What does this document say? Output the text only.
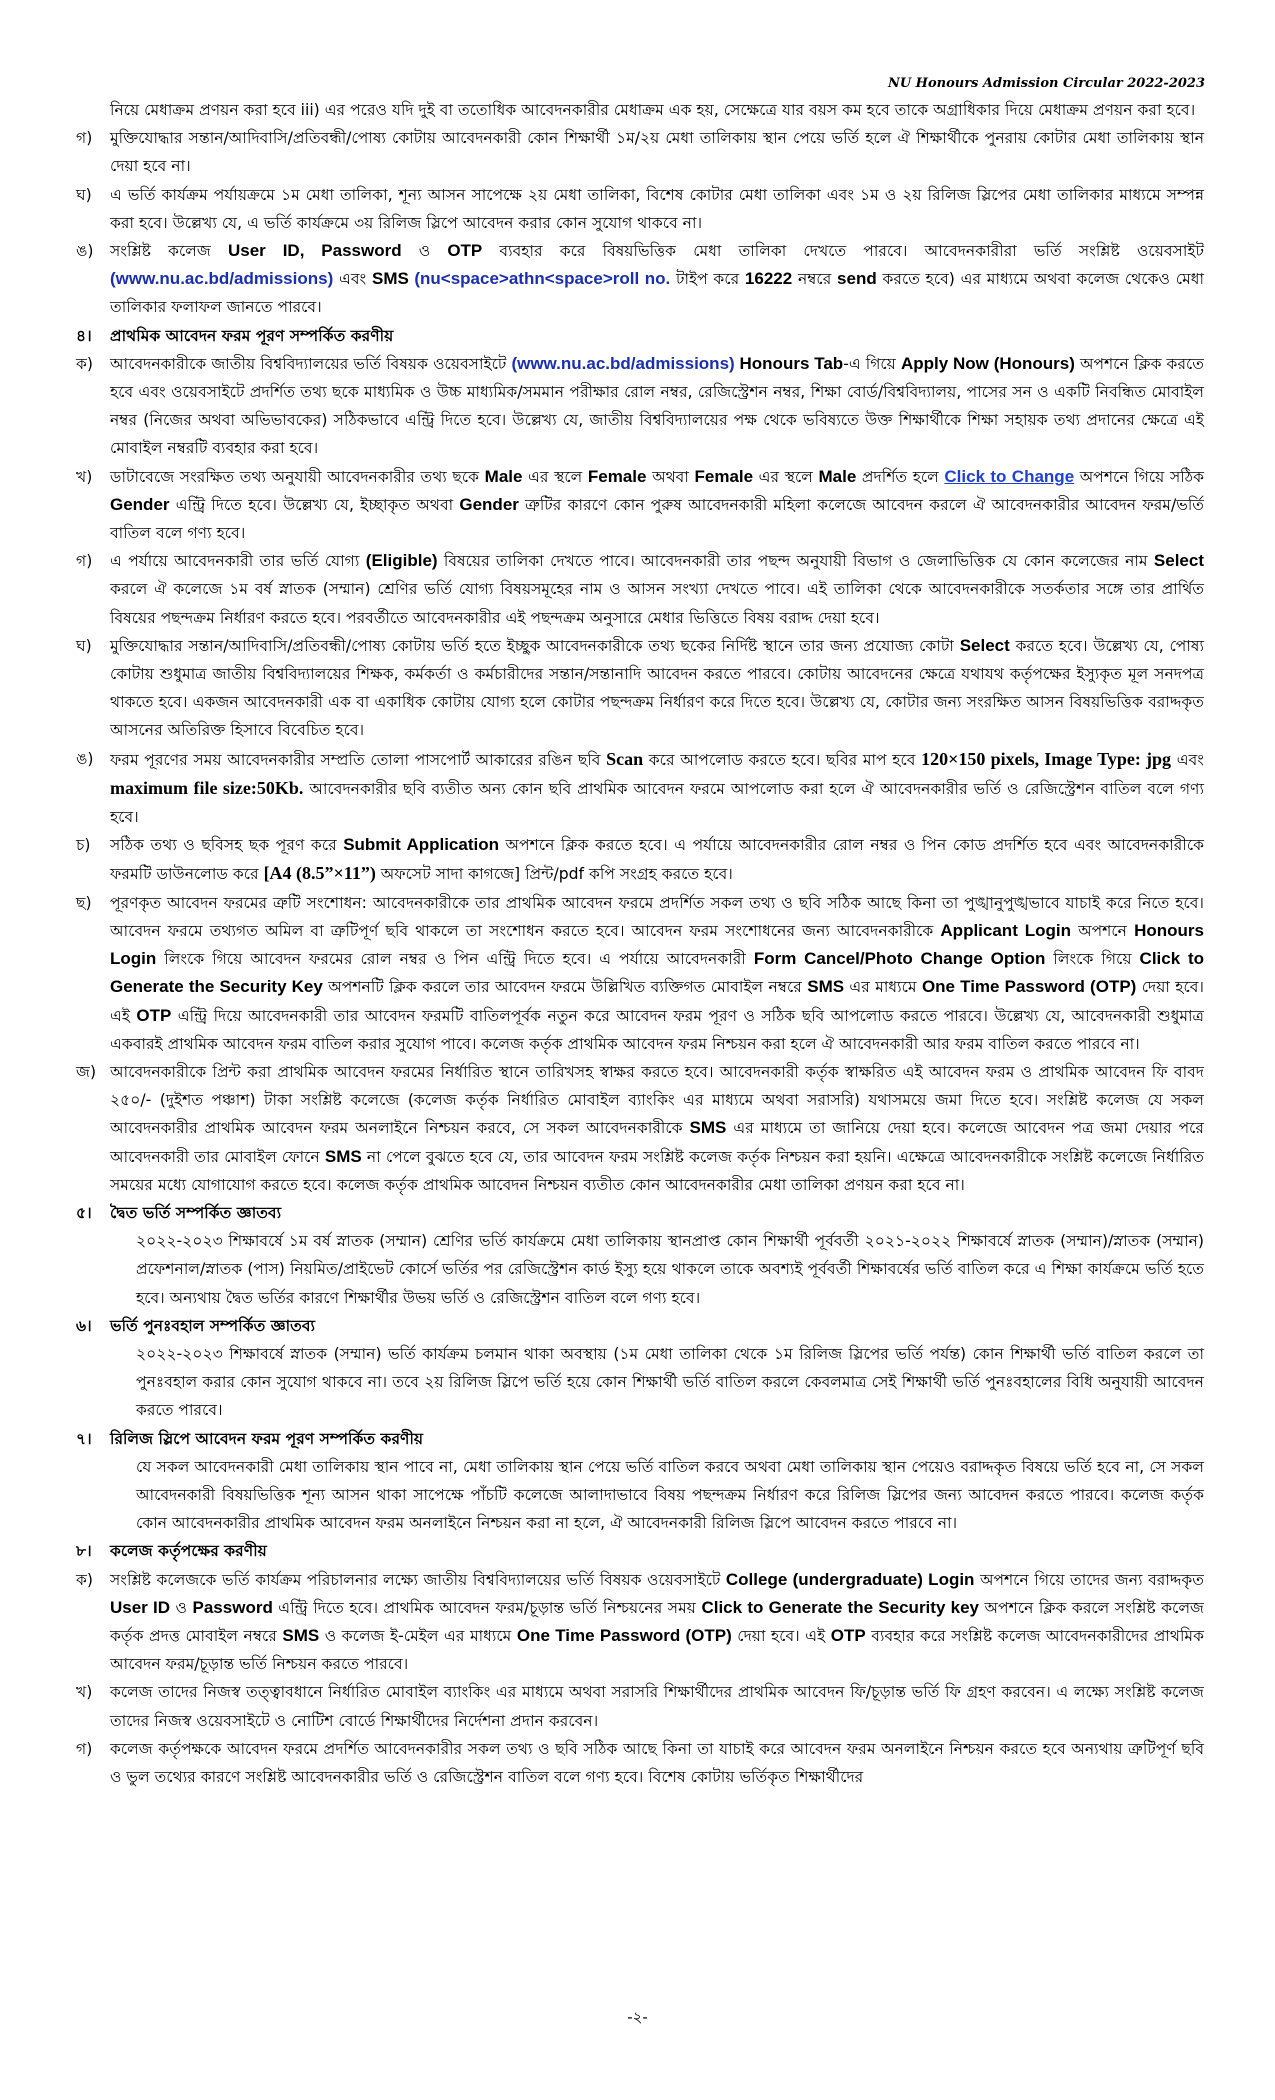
NU Honours Admission Circular 2022-2023
নিয়ে মেধাক্রম প্রণয়ন করা হবে iii) এর পরেও যদি দুই বা ততোধিক আবেদনকারীর মেধাক্রম এক হয়, সেক্ষেত্রে যার বয়স কম হবে তাকে অগ্রাধিকার দিয়ে মেধাক্রম প্রণয়ন করা হবে।
গ)	মুক্তিযোদ্ধার সন্তান/আদিবাসি/প্রতিবন্ধী/পোষ্য কোটায় আবেদনকারী কোন শিক্ষার্থী ১ম/২য় মেধা তালিকায় স্থান পেয়ে ভর্তি হলে ঐ শিক্ষার্থীকে পুনরায় কোটার মেধা তালিকায় স্থান দেয়া হবে না।
ঘ)	এ ভর্তি কার্যক্রম পর্যায়ক্রমে ১ম মেধা তালিকা, শূন্য আসন সাপেক্ষে ২য় মেধা তালিকা, বিশেষ কোটার মেধা তালিকা এবং ১ম ও ২য় রিলিজ স্লিপের মেধা তালিকার মাধ্যমে সম্পন্ন করা হবে। উল্লেখ্য যে, এ ভর্তি কার্যক্রমে ৩য় রিলিজ স্লিপে আবেদন করার কোন সুযোগ থাকবে না।
ঙ)	সংশ্লিষ্ট কলেজ User ID, Password ও OTP ব্যবহার করে বিষয়ভিত্তিক মেধা তালিকা দেখতে পারবে। আবেদনকারীরা ভর্তি সংশ্লিষ্ট ওয়েবসাইট (www.nu.ac.bd/admissions) এবং SMS (nu<space>athn<space>roll no. টাইপ করে 16222 নম্বরে send করতে হবে) এর মাধ্যমে অথবা কলেজ থেকেও মেধা তালিকার ফলাফল জানতে পারবে।
৪।	প্রাথমিক আবেদন ফরম পূরণ সম্পর্কিত করণীয়
ক)	আবেদনকারীকে জাতীয় বিশ্ববিদ্যালয়ের ভর্তি বিষয়ক ওয়েবসাইটে (www.nu.ac.bd/admissions) Honours Tab-এ গিয়ে Apply Now (Honours) অপশনে ক্লিক করতে হবে এবং ওয়েবসাইটে প্রদর্শিত তথ্য ছকে মাধ্যমিক ও উচ্চ মাধ্যমিক/সমমান পরীক্ষার রোল নম্বর, রেজিস্ট্রেশন নম্বর, শিক্ষা বোর্ড/বিশ্ববিদ্যালয়, পাসের সন ও একটি নিবন্ধিত মোবাইল নম্বর (নিজের অথবা অভিভাবকের) সঠিকভাবে এন্ট্রি দিতে হবে। উল্লেখ্য যে, জাতীয় বিশ্ববিদ্যালয়ের পক্ষ থেকে ভবিষ্যতে উক্ত শিক্ষার্থীকে শিক্ষা সহায়ক তথ্য প্রদানের ক্ষেত্রে এই মোবাইল নম্বরটি ব্যবহার করা হবে।
খ)	ডাটাবেজে সংরক্ষিত তথ্য অনুযায়ী আবেদনকারীর তথ্য ছকে Male এর স্থলে Female অথবা Female এর স্থলে Male প্রদর্শিত হলে Click to Change অপশনে গিয়ে সঠিক Gender এন্ট্রি দিতে হবে। উল্লেখ্য যে, ইচ্ছাকৃত অথবা Gender ত্রুটির কারণে কোন পুরুষ আবেদনকারী মহিলা কলেজে আবেদন করলে ঐ আবেদনকারীর আবেদন ফরম/ভর্তি বাতিল বলে গণ্য হবে।
গ)	এ পর্যায়ে আবেদনকারী তার ভর্তি যোগ্য (Eligible) বিষয়ের তালিকা দেখতে পাবে। আবেদনকারী তার পছন্দ অনুযায়ী বিভাগ ও জেলাভিত্তিক যে কোন কলেজের নাম Select করলে ঐ কলেজে ১ম বর্ষ স্নাতক (সম্মান) শ্রেণির ভর্তি যোগ্য বিষয়সমূহের নাম ও আসন সংখ্যা দেখতে পাবে। এই তালিকা থেকে আবেদনকারীকে সতর্কতার সঙ্গে তার প্রার্থিত বিষয়ের পছন্দক্রম নির্ধারণ করতে হবে। পরবর্তীতে আবেদনকারীর এই পছন্দক্রম অনুসারে মেধার ভিত্তিতে বিষয় বরাদ্দ দেয়া হবে।
ঘ)	মুক্তিযোদ্ধার সন্তান/আদিবাসি/প্রতিবন্ধী/পোষ্য কোটায় ভর্তি হতে ইচ্ছুক আবেদনকারীকে তথ্য ছকের নির্দিষ্ট স্থানে তার জন্য প্রযোজ্য কোটা Select করতে হবে। উল্লেখ্য যে, পোষ্য কোটায় শুধুমাত্র জাতীয় বিশ্ববিদ্যালয়ের শিক্ষক, কর্মকর্তা ও কর্মচারীদের সন্তান/সন্তানাদি আবেদন করতে পারবে। কোটায় আবেদনের ক্ষেত্রে যথাযথ কর্তৃপক্ষের ইস্যুকৃত মূল সনদপত্র থাকতে হবে। একজন আবেদনকারী এক বা একাধিক কোটায় যোগ্য হলে কোটার পছন্দক্রম নির্ধারণ করে দিতে হবে। উল্লেখ্য যে, কোটার জন্য সংরক্ষিত আসন বিষয়ভিত্তিক বরাদ্দকৃত আসনের অতিরিক্ত হিসাবে বিবেচিত হবে।
ঙ)	ফরম পূরণের সময় আবেদনকারীর সম্প্রতি তোলা পাসপোর্ট আকারের রঙিন ছবি Scan করে আপলোড করতে হবে। ছবির মাপ হবে 120×150 pixels, Image Type: jpg এবং maximum file size:50Kb. আবেদনকারীর ছবি ব্যতীত অন্য কোন ছবি প্রাথমিক আবেদন ফরমে আপলোড করা হলে ঐ আবেদনকারীর ভর্তি ও রেজিস্ট্রেশন বাতিল বলে গণ্য হবে।
চ)	সঠিক তথ্য ও ছবিসহ ছক পূরণ করে Submit Application অপশনে ক্লিক করতে হবে। এ পর্যায়ে আবেদনকারীর রোল নম্বর ও পিন কোড প্রদর্শিত হবে এবং আবেদনকারীকে ফরমটি ডাউনলোড করে [A4 (8.5”×11”) অফসেট সাদা কাগজে] প্রিন্ট/pdf কপি সংগ্রহ করতে হবে।
ছ)	পূরণকৃত আবেদন ফরমের ত্রুটি সংশোধন: আবেদনকারীকে তার প্রাথমিক আবেদন ফরমে প্রদর্শিত সকল তথ্য ও ছবি সঠিক আছে কিনা তা পুঙ্খানুপুঙ্খভাবে যাচাই করে নিতে হবে। আবেদন ফরমে তথ্যগত অমিল বা ত্রুটিপূর্ণ ছবি থাকলে তা সংশোধন করতে হবে। আবেদন ফরম সংশোধনের জন্য আবেদনকারীকে Applicant Login অপশনে Honours Login লিংকে গিয়ে আবেদন ফরমের রোল নম্বর ও পিন এন্ট্রি দিতে হবে। এ পর্যায়ে আবেদনকারী Form Cancel/Photo Change Option লিংকে গিয়ে Click to Generate the Security Key অপশনটি ক্লিক করলে তার আবেদন ফরমে উল্লিখিত ব্যক্তিগত মোবাইল নম্বরে SMS এর মাধ্যমে One Time Password (OTP) দেয়া হবে। এই OTP এন্ট্রি দিয়ে আবেদনকারী তার আবেদন ফরমটি বাতিলপূর্বক নতুন করে আবেদন ফরম পূরণ ও সঠিক ছবি আপলোড করতে পারবে। উল্লেখ্য যে, আবেদনকারী শুধুমাত্র একবারই প্রাথমিক আবেদন ফরম বাতিল করার সুযোগ পাবে। কলেজ কর্তৃক প্রাথমিক আবেদন ফরম নিশ্চয়ন করা হলে ঐ আবেদনকারী আর ফরম বাতিল করতে পারবে না।
জ) আবেদনকারীকে প্রিন্ট করা প্রাথমিক আবেদন ফরমের নির্ধারিত স্থানে তারিখসহ স্বাক্ষর করতে হবে। আবেদনকারী কর্তৃক স্বাক্ষরিত এই আবেদন ফরম ও প্রাথমিক আবেদন ফি বাবদ ২৫০/- (দুইশত পঞ্চাশ) টাকা সংশ্লিষ্ট কলেজে (কলেজ কর্তৃক নির্ধারিত মোবাইল ব্যাংকিং এর মাধ্যমে অথবা সরাসরি) যথাসময়ে জমা দিতে হবে। সংশ্লিষ্ট কলেজ যে সকল আবেদনকারীর প্রাথমিক আবেদন ফরম অনলাইনে নিশ্চয়ন করবে, সে সকল আবেদনকারীকে SMS এর মাধ্যমে তা জানিয়ে দেয়া হবে। কলেজে আবেদন পত্র জমা দেয়ার পরে আবেদনকারী তার মোবাইল ফোনে SMS না পেলে বুঝতে হবে যে, তার আবেদন ফরম সংশ্লিষ্ট কলেজ কর্তৃক নিশ্চয়ন করা হয়নি। এক্ষেত্রে আবেদনকারীকে সংশ্লিষ্ট কলেজে নির্ধারিত সময়ের মধ্যে যোগাযোগ করতে হবে। কলেজ কর্তৃক প্রাথমিক আবেদন নিশ্চয়ন ব্যতীত কোন আবেদনকারীর মেধা তালিকা প্রণয়ন করা হবে না।
৫।	দ্বৈত ভর্তি সম্পর্কিত জ্ঞাতব্য
২০২২-২০২৩ শিক্ষাবর্ষে ১ম বর্ষ স্নাতক (সম্মান) শ্রেণির ভর্তি কার্যক্রমে মেধা তালিকায় স্থানপ্রাপ্ত কোন শিক্ষার্থী পূর্ববর্তী ২০২১-২০২২ শিক্ষাবর্ষে স্নাতক (সম্মান)/স্নাতক (সম্মান) প্রফেশনাল/স্নাতক (পাস) নিয়মিত/প্রাইভেট কোর্সে ভর্তির পর রেজিস্ট্রেশন কার্ড ইস্যু হয়ে থাকলে তাকে অবশ্যই পূর্ববর্তী শিক্ষাবর্ষের ভর্তি বাতিল করে এ শিক্ষা কার্যক্রমে ভর্তি হতে হবে। অন্যথায় দ্বৈত ভর্তির কারণে শিক্ষার্থীর উভয় ভর্তি ও রেজিস্ট্রেশন বাতিল বলে গণ্য হবে।
৬।	ভর্তি পুনঃবহাল সম্পর্কিত জ্ঞাতব্য
২০২২-২০২৩ শিক্ষাবর্ষে স্নাতক (সম্মান) ভর্তি কার্যক্রম চলমান থাকা অবস্থায় (১ম মেধা তালিকা থেকে ১ম রিলিজ স্লিপের ভর্তি পর্যন্ত) কোন শিক্ষার্থী ভর্তি বাতিল করলে তা পুনঃবহাল করার কোন সুযোগ থাকবে না। তবে ২য় রিলিজ স্লিপে ভর্তি হয়ে কোন শিক্ষার্থী ভর্তি বাতিল করলে কেবলমাত্র সেই শিক্ষার্থী ভর্তি পুনঃবহালের বিধি অনুযায়ী আবেদন করতে পারবে।
৭।	রিলিজ স্লিপে আবেদন ফরম পূরণ সম্পর্কিত করণীয়
যে সকল আবেদনকারী মেধা তালিকায় স্থান পাবে না, মেধা তালিকায় স্থান পেয়ে ভর্তি বাতিল করবে অথবা মেধা তালিকায় স্থান পেয়েও বরাদ্দকৃত বিষয়ে ভর্তি হবে না, সে সকল আবেদনকারী বিষয়ভিত্তিক শূন্য আসন থাকা সাপেক্ষে পাঁচটি কলেজে আলাদাভাবে বিষয় পছন্দক্রম নির্ধারণ করে রিলিজ স্লিপের জন্য আবেদন করতে পারবে। কলেজ কর্তৃক কোন আবেদনকারীর প্রাথমিক আবেদন ফরম অনলাইনে নিশ্চয়ন করা না হলে, ঐ আবেদনকারী রিলিজ স্লিপে আবেদন করতে পারবে না।
৮।	কলেজ কর্তৃপক্ষের করণীয়
ক)	সংশ্লিষ্ট কলেজকে ভর্তি কার্যক্রম পরিচালনার লক্ষ্যে জাতীয় বিশ্ববিদ্যালয়ের ভর্তি বিষয়ক ওয়েবসাইটে College (undergraduate) Login অপশনে গিয়ে তাদের জন্য বরাদ্দকৃত User ID ও Password এন্ট্রি দিতে হবে। প্রাথমিক আবেদন ফরম/চূড়ান্ত ভর্তি নিশ্চয়নের সময় Click to Generate the Security key অপশনে ক্লিক করলে সংশ্লিষ্ট কলেজ কর্তৃক প্রদত্ত মোবাইল নম্বরে SMS ও কলেজ ই-মেইল এর মাধ্যমে One Time Password (OTP) দেয়া হবে। এই OTP ব্যবহার করে সংশ্লিষ্ট কলেজ আবেদনকারীদের প্রাথমিক আবেদন ফরম/চূড়ান্ত ভর্তি নিশ্চয়ন করতে পারবে।
খ)	কলেজ তাদের নিজস্ব তত্ত্বাবধানে নির্ধারিত মোবাইল ব্যাংকিং এর মাধ্যমে অথবা সরাসরি শিক্ষার্থীদের প্রাথমিক আবেদন ফি/চূড়ান্ত ভর্তি ফি গ্রহণ করবেন। এ লক্ষ্যে সংশ্লিষ্ট কলেজ তাদের নিজস্ব ওয়েবসাইটে ও নোটিশ বোর্ডে শিক্ষার্থীদের নির্দেশনা প্রদান করবেন।
গ)	কলেজ কর্তৃপক্ষকে আবেদন ফরমে প্রদর্শিত আবেদনকারীর সকল তথ্য ও ছবি সঠিক আছে কিনা তা যাচাই করে আবেদন ফরম অনলাইনে নিশ্চয়ন করতে হবে অন্যথায় ত্রুটিপূর্ণ ছবি ও ভুল তথ্যের কারণে সংশ্লিষ্ট আবেদনকারীর ভর্তি ও রেজিস্ট্রেশন বাতিল বলে গণ্য হবে। বিশেষ কোটায় ভর্তিকৃত শিক্ষার্থীদের
-২-
